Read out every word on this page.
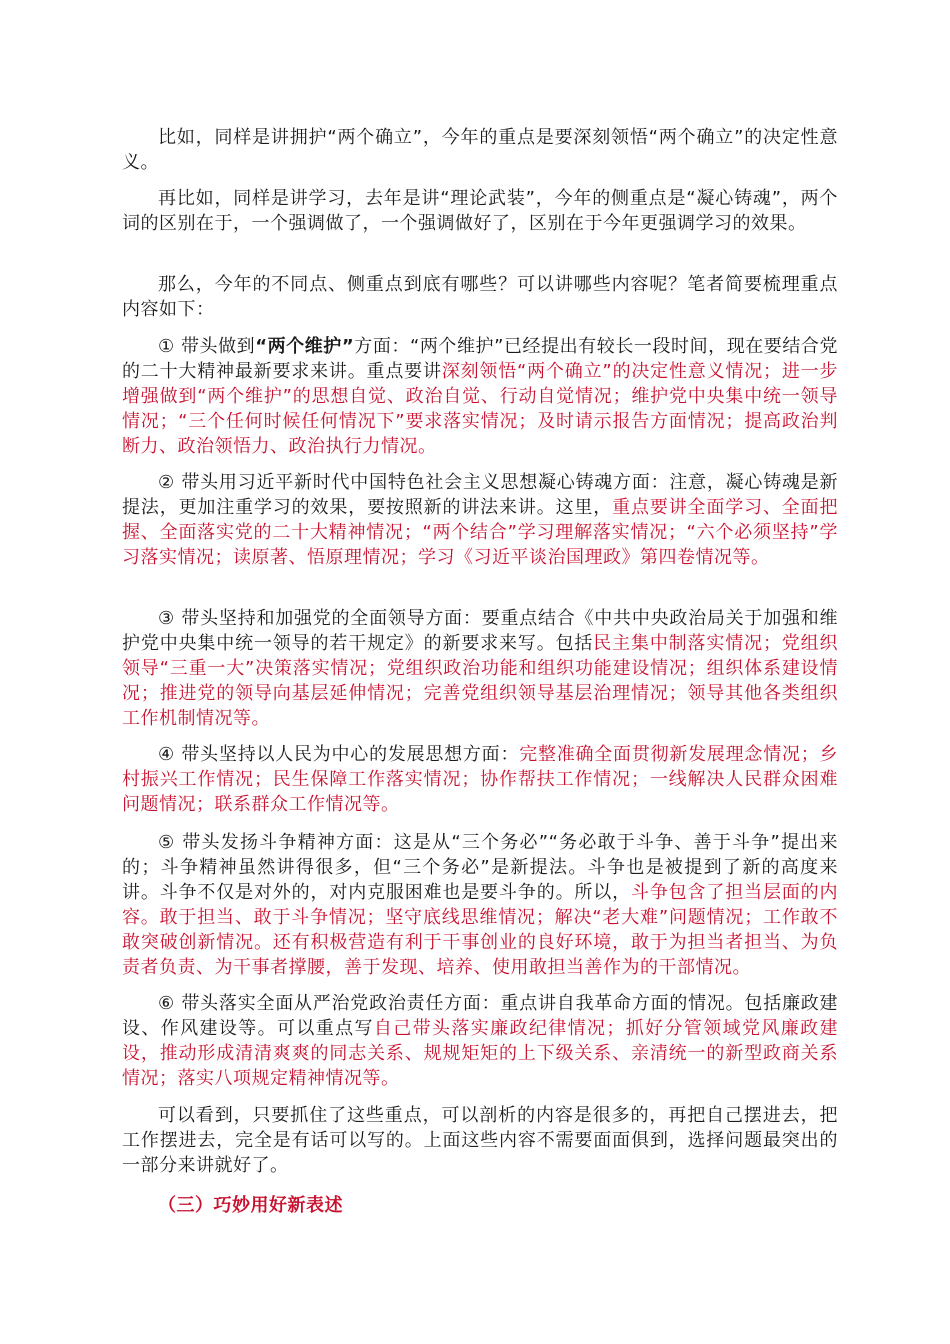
比如，同样是讲拥护“两个确立”，今年的重点是要深刻领悟“两个确立”的决定性意义。

再比如，同样是讲学习，去年是讲“理论武装”，今年的侧重点是“凝心铸魂”，两个词的区别在于，一个强调做了，一个强调做好了，区别在于今年更强调学习的效果。

那么，今年的不同点、侧重点到底有哪些？可以讲哪些内容呢？笔者简要梳理重点内容如下：

① 带头做到“两个维护”方面：“两个维护”已经提出有较长一段时间，现在要结合党的二十大精神最新要求来讲。重点要讲深刻领悟“两个确立”的决定性意义情况；进一步增强做到“两个维护”的思想自觉、政治自觉、行动自觉情况；维护党中央集中统一领导情况；“三个任何时候任何情况下”要求落实情况；及时请示报告方面情况；提高政治判断力、政治领悟力、政治执行力情况。

② 带头用习近平新时代中国特色社会主义思想凝心铸魂方面：注意，凝心铸魂是新提法，更加注重学习的效果，要按照新的讲法来讲。这里，重点要讲全面学习、全面把握、全面落实党的二十大精神情况；“两个结合”学习理解落实情况；“六个必须坚持”学习落实情况；读原著、悟原理情况；学习《习近平谈治国理政》第四卷情况等。

③ 带头坚持和加强党的全面领导方面：要重点结合《中共中央政治局关于加强和维护党中央集中统一领导的若干规定》的新要求来写。包括民主集中制落实情况；党组织领导“三重一大”决策落实情况；党组织政治功能和组织功能建设情况；组织体系建设情况；推进党的领导向基层延伸情况；完善党组织领导基层治理情况；领导其他各类组织工作机制情况等。

④ 带头坚持以人民为中心的发展思想方面：完整准确全面贯彻新发展理念情况；乡村振兴工作情况；民生保障工作落实情况；协作帮扶工作情况；一线解决人民群众困难问题情况；联系群众工作情况等。

⑤ 带头发扬斗争精神方面：这是从“三个务必”“务必敢于斗争、善于斗争”提出来的；斗争精神虽然讲得很多，但“三个务必”是新提法。斗争也是被提到了新的高度来讲。斗争不仅是对外的，对内克服困难也是要斗争的。所以，斗争包含了担当层面的内容。敢于担当、敢于斗争情况；坚守底线思维情况；解决“老大难”问题情况；工作敢不敢突破创新情况。还有积极营造有利于干事创业的良好环境，敢于为担当者担当、为负责者负责、为干事者撑腰，善于发现、培养、使用敢担当善作为的干部情况。

⑥ 带头落实全面从严治党政治责任方面：重点讲自我革命方面的情况。包括廉政建设、作风建设等。可以重点写自己带头落实廉政纪律情况；抓好分管领域党风廉政建设，推动形成清清爽爽的同志关系、规规矩矩的上下级关系、亲清统一的新型政商关系情况；落实八项规定精神情况等。

可以看到，只要抓住了这些重点，可以剖析的内容是很多的，再把自己摆进去，把工作摆进去，完全是有话可以写的。上面这些内容不需要面面俱到，选择问题最突出的一部分来讲就好了。

（三）巧妙用好新表述
